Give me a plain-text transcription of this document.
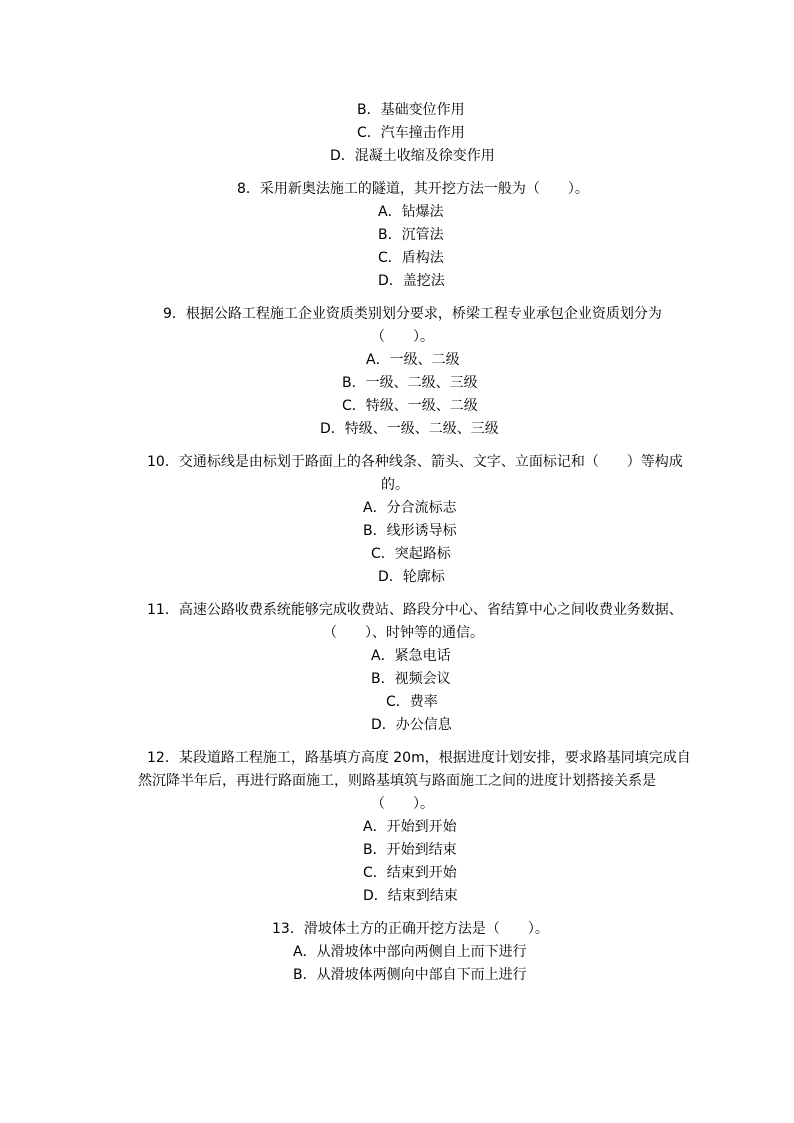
B．基础变位作用
C．汽车撞击作用
D．混凝土收缩及徐变作用
8．采用新奥法施工的隧道，其开挖方法一般为（　　）。
A．钻爆法
B．沉管法
C．盾构法
D．盖挖法
9．根据公路工程施工企业资质类别划分要求，桥梁工程专业承包企业资质划分为
（　　）。
A．一级、二级
B．一级、二级、三级
C．特级、一级、二级
D．特级、一级、二级、三级
10．交通标线是由标划于路面上的各种线条、箭头、文字、立面标记和（　　）等构成
的。
A．分合流标志
B．线形诱导标
C．突起路标
D．轮廓标
11．高速公路收费系统能够完成收费站、路段分中心、省结算中心之间收费业务数据、
（　　）、时钟等的通信。
A．紧急电话
B．视频会议
C．费率
D．办公信息
12．某段道路工程施工，路基填方高度 20m，根据进度计划安排，要求路基同填完成自
然沉降半年后，再进行路面施工，则路基填筑与路面施工之间的进度计划搭接关系是
（　　）。
A．开始到开始
B．开始到结束
C．结束到开始
D．结束到结束
13．滑坡体土方的正确开挖方法是（　　）。
A．从滑坡体中部向两侧自上而下进行
B．从滑坡体两侧向中部自下而上进行
